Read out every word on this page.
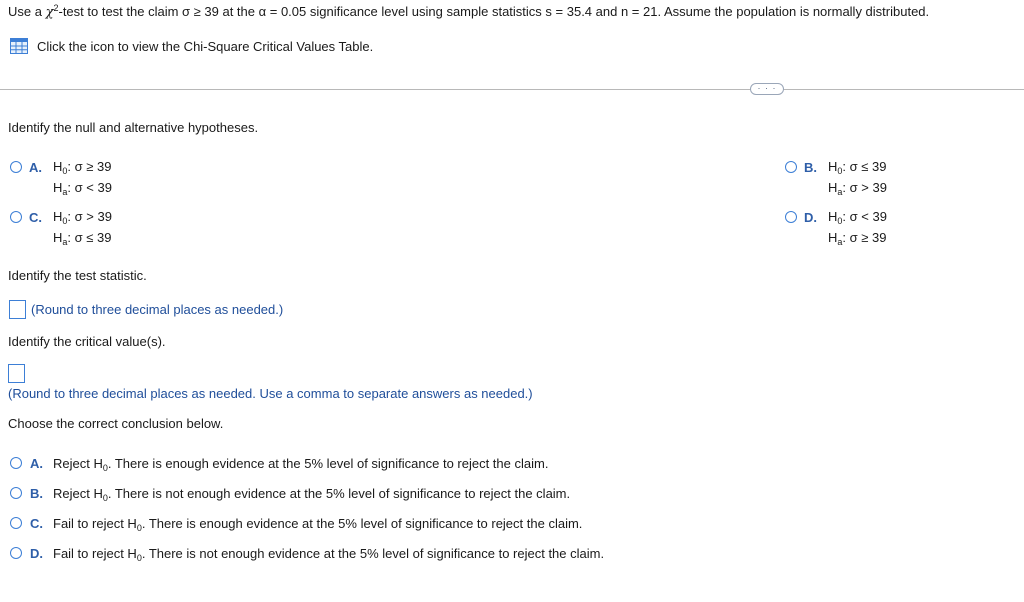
Use a $\chi^2$-test to test the claim σ ≥ 39 at the α = 0.05 significance level using sample statistics s = 35.4 and n = 21. Assume the population is normally distributed.
Click the icon to view the Chi-Square Critical Values Table.
· · ·
Identify the null and alternative hypotheses.
A. $H_0$: σ ≥ 39
$H_a$: σ < 39
B. $H_0$: σ ≤ 39
$H_a$: σ > 39
C. $H_0$: σ > 39
$H_a$: σ ≤ 39
D. $H_0$: σ < 39
$H_a$: σ ≥ 39
Identify the test statistic.
(Round to three decimal places as needed.)
Identify the critical value(s).
(Round to three decimal places as needed. Use a comma to separate answers as needed.)
Choose the correct conclusion below.
A. Reject $H_0$. There is enough evidence at the 5% level of significance to reject the claim.
B. Reject $H_0$. There is not enough evidence at the 5% level of significance to reject the claim.
C. Fail to reject $H_0$. There is enough evidence at the 5% level of significance to reject the claim.
D. Fail to reject $H_0$. There is not enough evidence at the 5% level of significance to reject the claim.
